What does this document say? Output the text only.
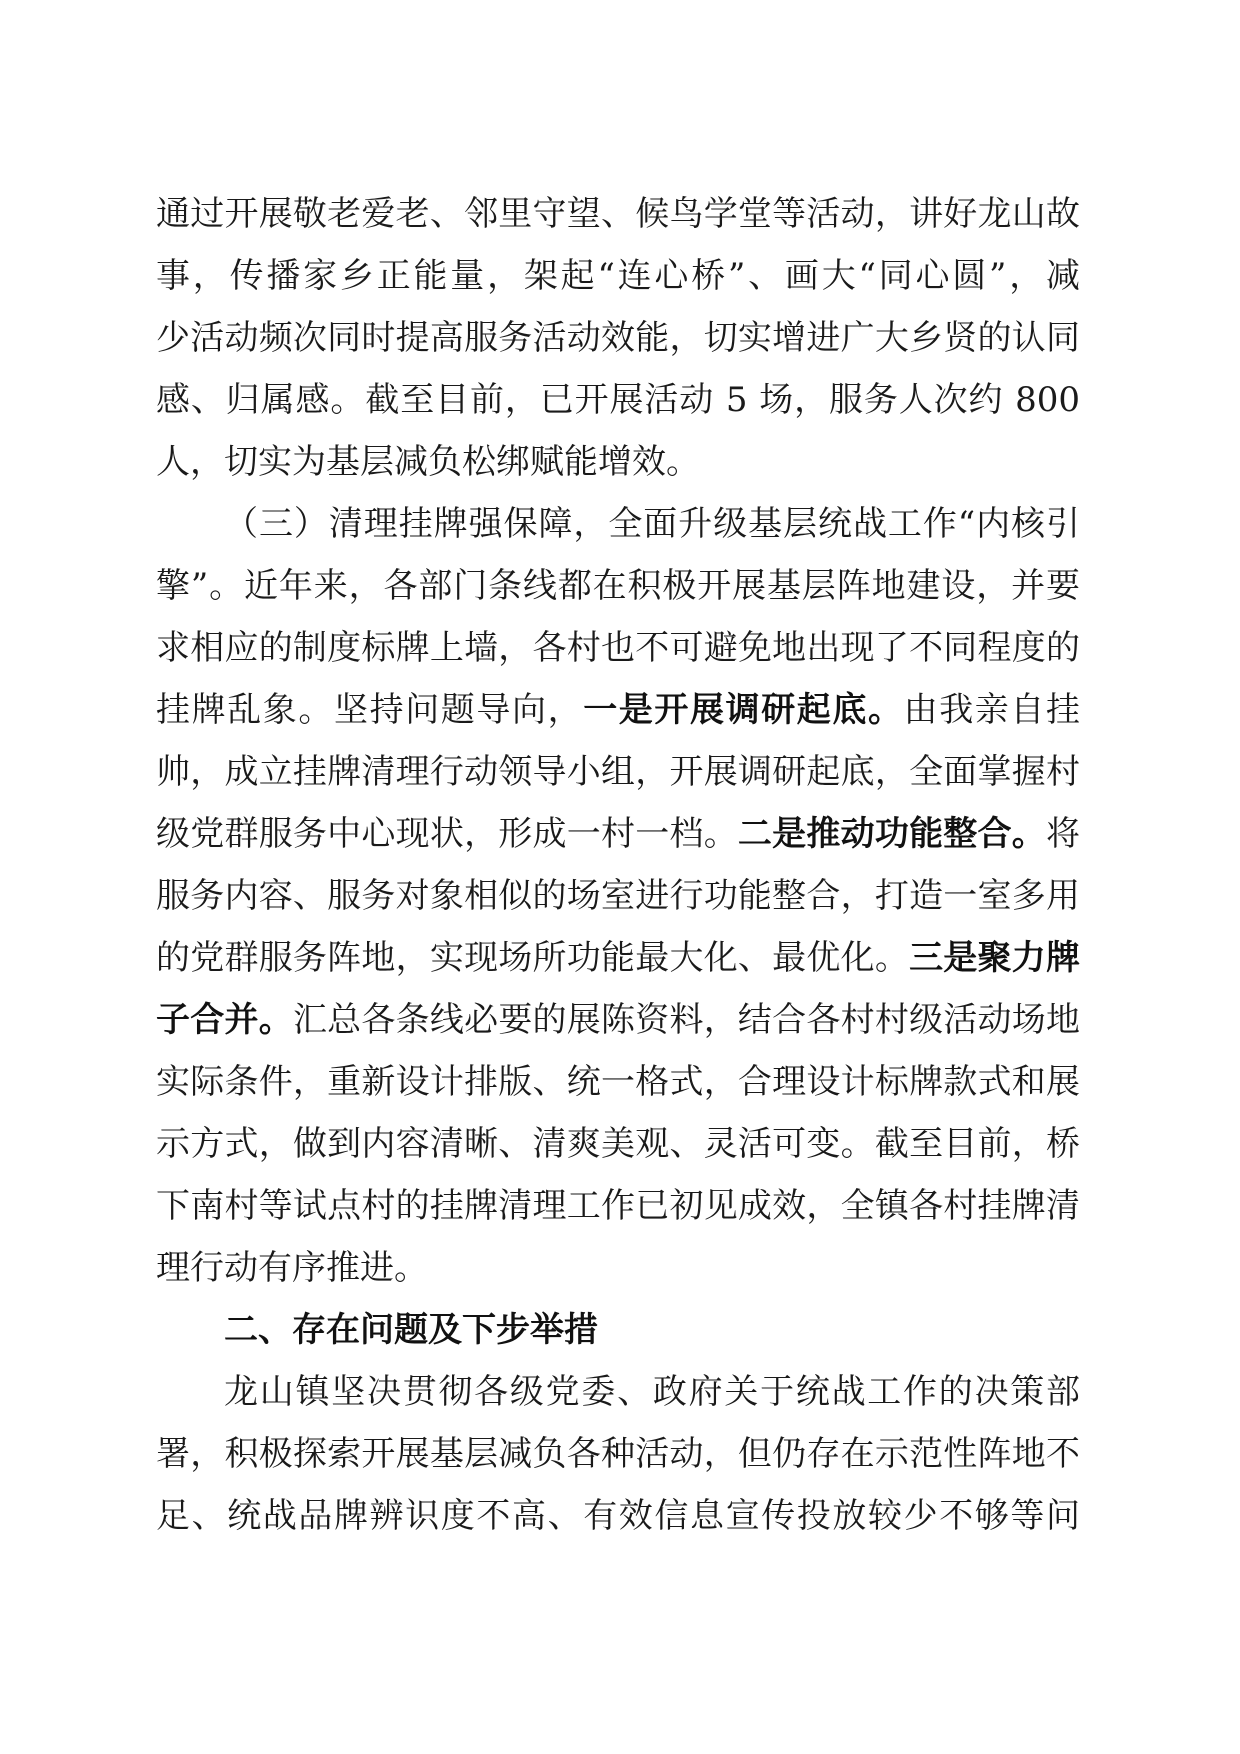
通过开展敬老爱老、邻里守望、候鸟学堂等活动，讲好龙山故
事，传播家乡正能量，架起“连心桥”、画大“同心圆”，减
少活动频次同时提高服务活动效能，切实增进广大乡贤的认同
感、归属感。截至目前，已开展活动 5 场，服务人次约 800
人，切实为基层减负松绑赋能增效。
（三）清理挂牌强保障，全面升级基层统战工作“内核引
擎”。近年来，各部门条线都在积极开展基层阵地建设，并要
求相应的制度标牌上墙，各村也不可避免地出现了不同程度的
挂牌乱象。坚持问题导向，一是开展调研起底。由我亲自挂
帅，成立挂牌清理行动领导小组，开展调研起底，全面掌握村
级党群服务中心现状，形成一村一档。二是推动功能整合。将
服务内容、服务对象相似的场室进行功能整合，打造一室多用
的党群服务阵地，实现场所功能最大化、最优化。三是聚力牌
子合并。汇总各条线必要的展陈资料，结合各村村级活动场地
实际条件，重新设计排版、统一格式，合理设计标牌款式和展
示方式，做到内容清晰、清爽美观、灵活可变。截至目前，桥
下南村等试点村的挂牌清理工作已初见成效，全镇各村挂牌清
理行动有序推进。
二、存在问题及下步举措
龙山镇坚决贯彻各级党委、政府关于统战工作的决策部
署，积极探索开展基层减负各种活动，但仍存在示范性阵地不
足、统战品牌辨识度不高、有效信息宣传投放较少不够等问
